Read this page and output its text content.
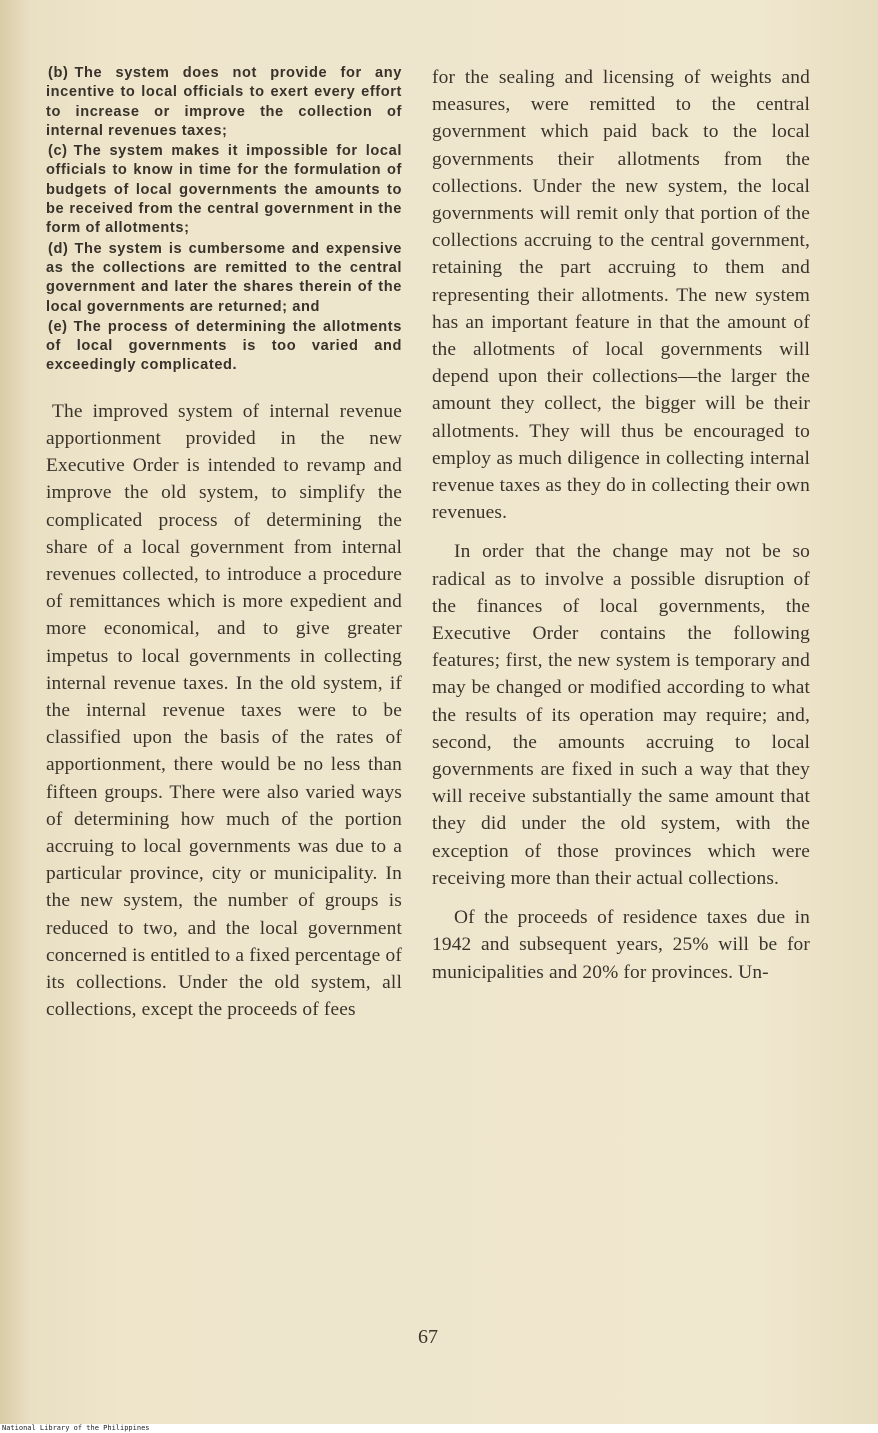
(b) The system does not provide for any incentive to local officials to exert every effort to increase or improve the collection of internal revenues taxes;

(c) The system makes it impossible for local officials to know in time for the formulation of budgets of local governments the amounts to be received from the central government in the form of allotments;

(d) The system is cumbersome and expensive as the collections are remitted to the central government and later the shares therein of the local governments are returned; and

(e) The process of determining the allotments of local governments is too varied and exceedingly complicated.

The improved system of internal revenue apportionment provided in the new Executive Order is intended to revamp and improve the old system, to simplify the complicated process of determining the share of a local government from internal revenues collected, to introduce a procedure of remittances which is more expedient and more economical, and to give greater impetus to local governments in collecting internal revenue taxes. In the old system, if the internal revenue taxes were to be classified upon the basis of the rates of apportionment, there would be no less than fifteen groups. There were also varied ways of determining how much of the portion accruing to local governments was due to a particular province, city or municipality. In the new system, the number of groups is reduced to two, and the local government concerned is entitled to a fixed percentage of its collections. Under the old system, all collections, except the proceeds of fees

for the sealing and licensing of weights and measures, were remitted to the central government which paid back to the local governments their allotments from the collections. Under the new system, the local governments will remit only that portion of the collections accruing to the central government, retaining the part accruing to them and representing their allotments. The new system has an important feature in that the amount of the allotments of local governments will depend upon their collections—the larger the amount they collect, the bigger will be their allotments. They will thus be encouraged to employ as much diligence in collecting internal revenue taxes as they do in collecting their own revenues.

In order that the change may not be so radical as to involve a possible disruption of the finances of local governments, the Executive Order contains the following features; first, the new system is temporary and may be changed or modified according to what the results of its operation may require; and, second, the amounts accruing to local governments are fixed in such a way that they will receive substantially the same amount that they did under the old system, with the exception of those provinces which were receiving more than their actual collections.

Of the proceeds of residence taxes due in 1942 and subsequent years, 25% will be for municipalities and 20% for provinces. Un-

67
National Library of the Philippines
